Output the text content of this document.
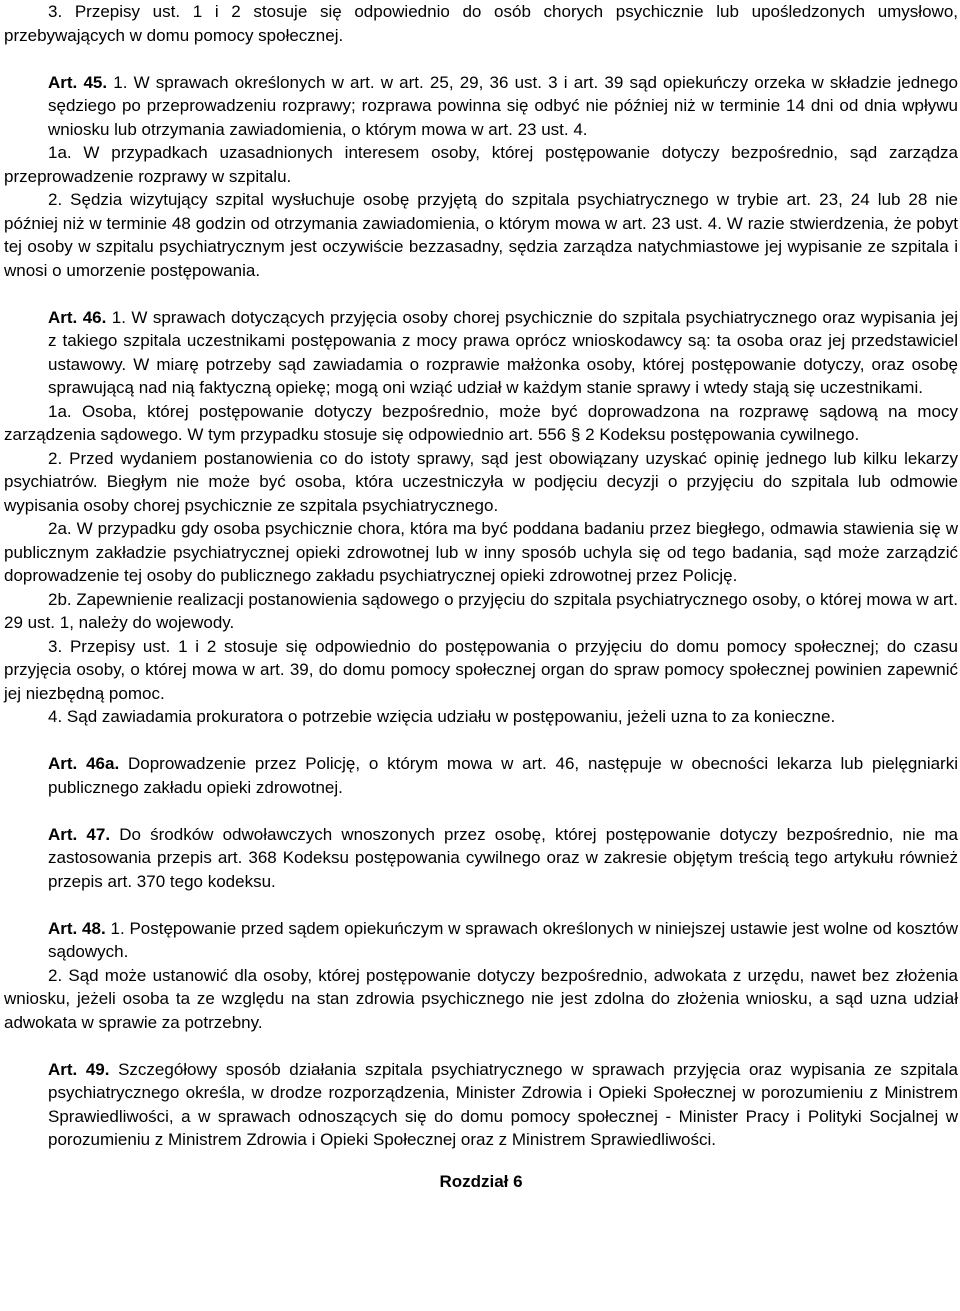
3. Przepisy ust. 1 i 2 stosuje się odpowiednio do osób chorych psychicznie lub upośledzonych umysłowo, przebywających w domu pomocy społecznej.

Art. 45. 1. W sprawach określonych w art. w art. 25, 29, 36 ust. 3 i art. 39 sąd opiekuńczy orzeka w składzie jednego sędziego po przeprowadzeniu rozprawy; rozprawa powinna się odbyć nie później niż w terminie 14 dni od dnia wpływu wniosku lub otrzymania zawiadomienia, o którym mowa w art. 23 ust. 4.

1a. W przypadkach uzasadnionych interesem osoby, której postępowanie dotyczy bezpośrednio, sąd zarządza przeprowadzenie rozprawy w szpitalu.

2. Sędzia wizytujący szpital wysłuchuje osobę przyjętą do szpitala psychiatrycznego w trybie art. 23, 24 lub 28 nie później niż w terminie 48 godzin od otrzymania zawiadomienia, o którym mowa w art. 23 ust. 4. W razie stwierdzenia, że pobyt tej osoby w szpitalu psychiatrycznym jest oczywiście bezzasadny, sędzia zarządza natychmiastowe jej wypisanie ze szpitala i wnosi o umorzenie postępowania.

Art. 46. 1. W sprawach dotyczących przyjęcia osoby chorej psychicznie do szpitala psychiatrycznego oraz wypisania jej z takiego szpitala uczestnikami postępowania z mocy prawa oprócz wnioskodawcy są: ta osoba oraz jej przedstawiciel ustawowy. W miarę potrzeby sąd zawiadamia o rozprawie małżonka osoby, której postępowanie dotyczy, oraz osobę sprawującą nad nią faktyczną opiekę; mogą oni wziąć udział w każdym stanie sprawy i wtedy stają się uczestnikami.

1a. Osoba, której postępowanie dotyczy bezpośrednio, może być doprowadzona na rozprawę sądową na mocy zarządzenia sądowego. W tym przypadku stosuje się odpowiednio art. 556 § 2 Kodeksu postępowania cywilnego.

2. Przed wydaniem postanowienia co do istoty sprawy, sąd jest obowiązany uzyskać opinię jednego lub kilku lekarzy psychiatrów. Biegłym nie może być osoba, która uczestniczyła w podjęciu decyzji o przyjęciu do szpitala lub odmowie wypisania osoby chorej psychicznie ze szpitala psychiatrycznego.

2a. W przypadku gdy osoba psychicznie chora, która ma być poddana badaniu przez biegłego, odmawia stawienia się w publicznym zakładzie psychiatrycznej opieki zdrowotnej lub w inny sposób uchyla się od tego badania, sąd może zarządzić doprowadzenie tej osoby do publicznego zakładu psychiatrycznej opieki zdrowotnej przez Policję.

2b. Zapewnienie realizacji postanowienia sądowego o przyjęciu do szpitala psychiatrycznego osoby, o której mowa w art. 29 ust. 1, należy do wojewody.

3. Przepisy ust. 1 i 2 stosuje się odpowiednio do postępowania o przyjęciu do domu pomocy społecznej; do czasu przyjęcia osoby, o której mowa w art. 39, do domu pomocy społecznej organ do spraw pomocy społecznej powinien zapewnić jej niezbędną pomoc.

4. Sąd zawiadamia prokuratora o potrzebie wzięcia udziału w postępowaniu, jeżeli uzna to za konieczne.

Art. 46a. Doprowadzenie przez Policję, o którym mowa w art. 46, następuje w obecności lekarza lub pielęgniarki publicznego zakładu opieki zdrowotnej.

Art. 47. Do środków odwoławczych wnoszonych przez osobę, której postępowanie dotyczy bezpośrednio, nie ma zastosowania przepis art. 368 Kodeksu postępowania cywilnego oraz w zakresie objętym treścią tego artykułu również przepis art. 370 tego kodeksu.

Art. 48. 1. Postępowanie przed sądem opiekuńczym w sprawach określonych w niniejszej ustawie jest wolne od kosztów sądowych.

2. Sąd może ustanowić dla osoby, której postępowanie dotyczy bezpośrednio, adwokata z urzędu, nawet bez złożenia wniosku, jeżeli osoba ta ze względu na stan zdrowia psychicznego nie jest zdolna do złożenia wniosku, a sąd uzna udział adwokata w sprawie za potrzebny.

Art. 49. Szczegółowy sposób działania szpitala psychiatrycznego w sprawach przyjęcia oraz wypisania ze szpitala psychiatrycznego określa, w drodze rozporządzenia, Minister Zdrowia i Opieki Społecznej w porozumieniu z Ministrem Sprawiedliwości, a w sprawach odnoszących się do domu pomocy społecznej - Minister Pracy i Polityki Socjalnej w porozumieniu z Ministrem Zdrowia i Opieki Społecznej oraz z Ministrem Sprawiedliwości.

Rozdział 6
